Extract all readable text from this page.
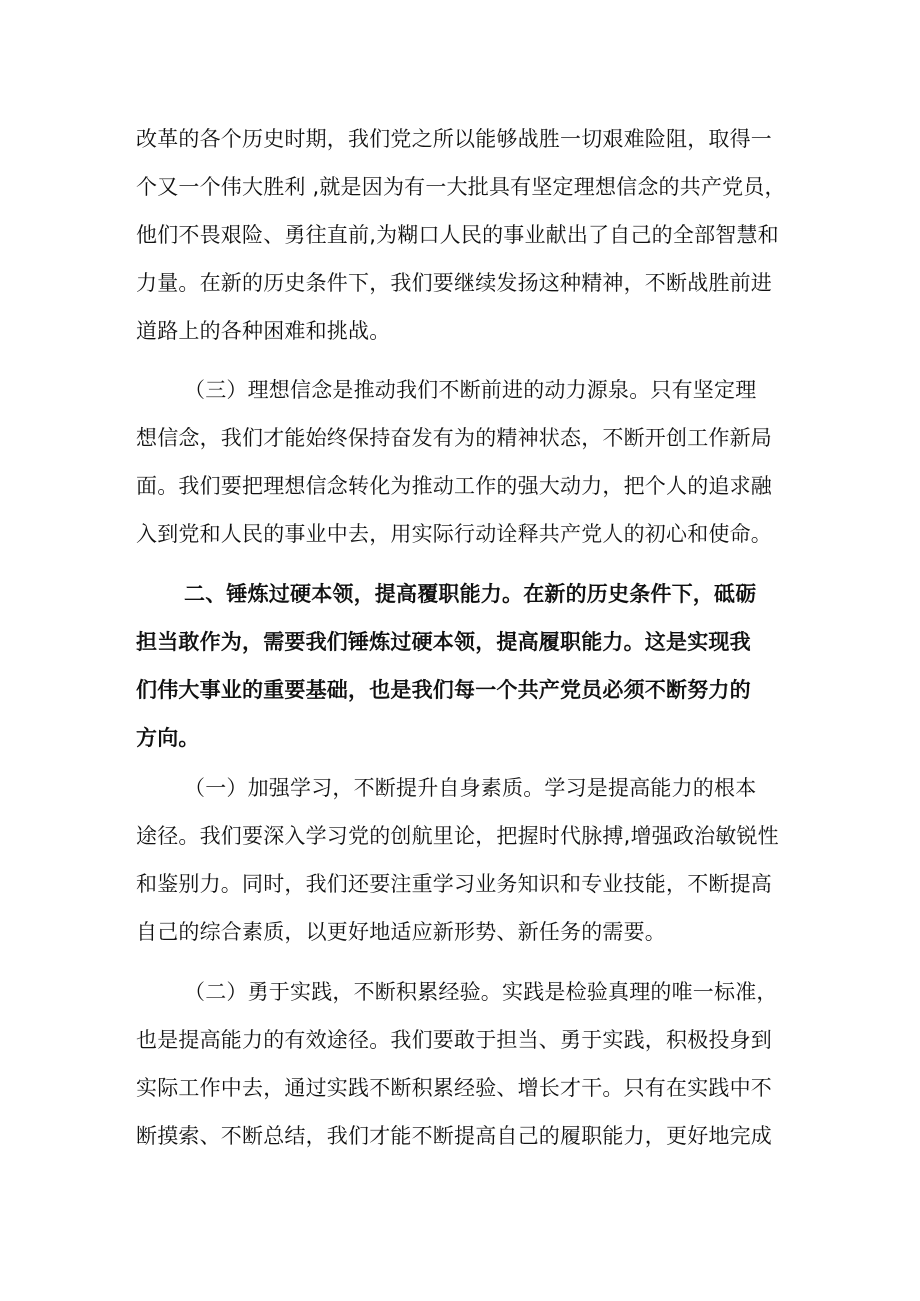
改革的各个历史时期，我们党之所以能够战胜一切艰难险阻，取得一
个又一个伟大胜利 ,就是因为有一大批具有坚定理想信念的共产党员，
他们不畏艰险、勇往直前,为糊口人民的事业献出了自己的全部智慧和
力量。在新的历史条件下，我们要继续发扬这种精神，不断战胜前进
道路上的各种困难和挑战。
（三）理想信念是推动我们不断前进的动力源泉。只有坚定理
想信念，我们才能始终保持奋发有为的精神状态，不断开创工作新局
面。我们要把理想信念转化为推动工作的强大动力，把个人的追求融
入到党和人民的事业中去，用实际行动诠释共产党人的初心和使命。
二、锤炼过硬本领，提高覆职能力。在新的历史条件下，砥砺
担当敢作为，需要我们锤炼过硬本领，提高履职能力。这是实现我
们伟大事业的重要基础，也是我们每一个共产党员必须不断努力的
方向。
（一）加强学习，不断提升自身素质。学习是提高能力的根本
途径。我们要深入学习党的创航里论，把握时代脉搏,增强政治敏锐性
和鉴别力。同时，我们还要注重学习业务知识和专业技能，不断提高
自己的综合素质，以更好地适应新形势、新任务的需要。
（二）勇于实践，不断积累经验。实践是检验真理的唯一标准，
也是提高能力的有效途径。我们要敢于担当、勇于实践，积极投身到
实际工作中去，通过实践不断积累经验、增长才干。只有在实践中不
断摸索、不断总结，我们才能不断提高自己的履职能力，更好地完成
